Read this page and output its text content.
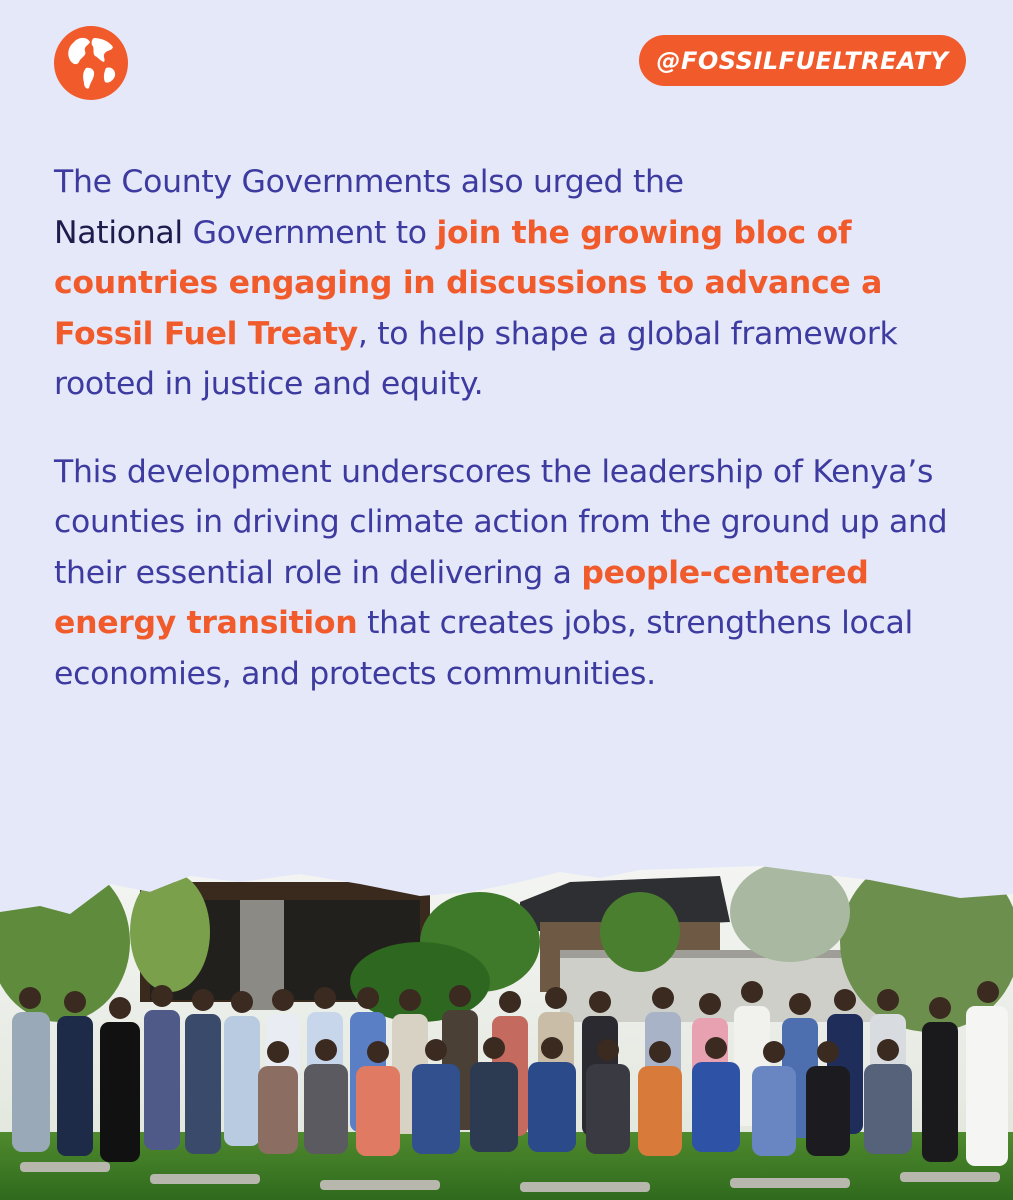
@FOSSILFUELTREATY

The County Governments also urged the
National Government to join the growing bloc of countries engaging in discussions to advance a Fossil Fuel Treaty, to help shape a global framework rooted in justice and equity.

This development underscores the leadership of Kenya’s counties in driving climate action from the ground up and their essential role in delivering a people-centered energy transition that creates jobs, strengthens local economies, and protects communities.
